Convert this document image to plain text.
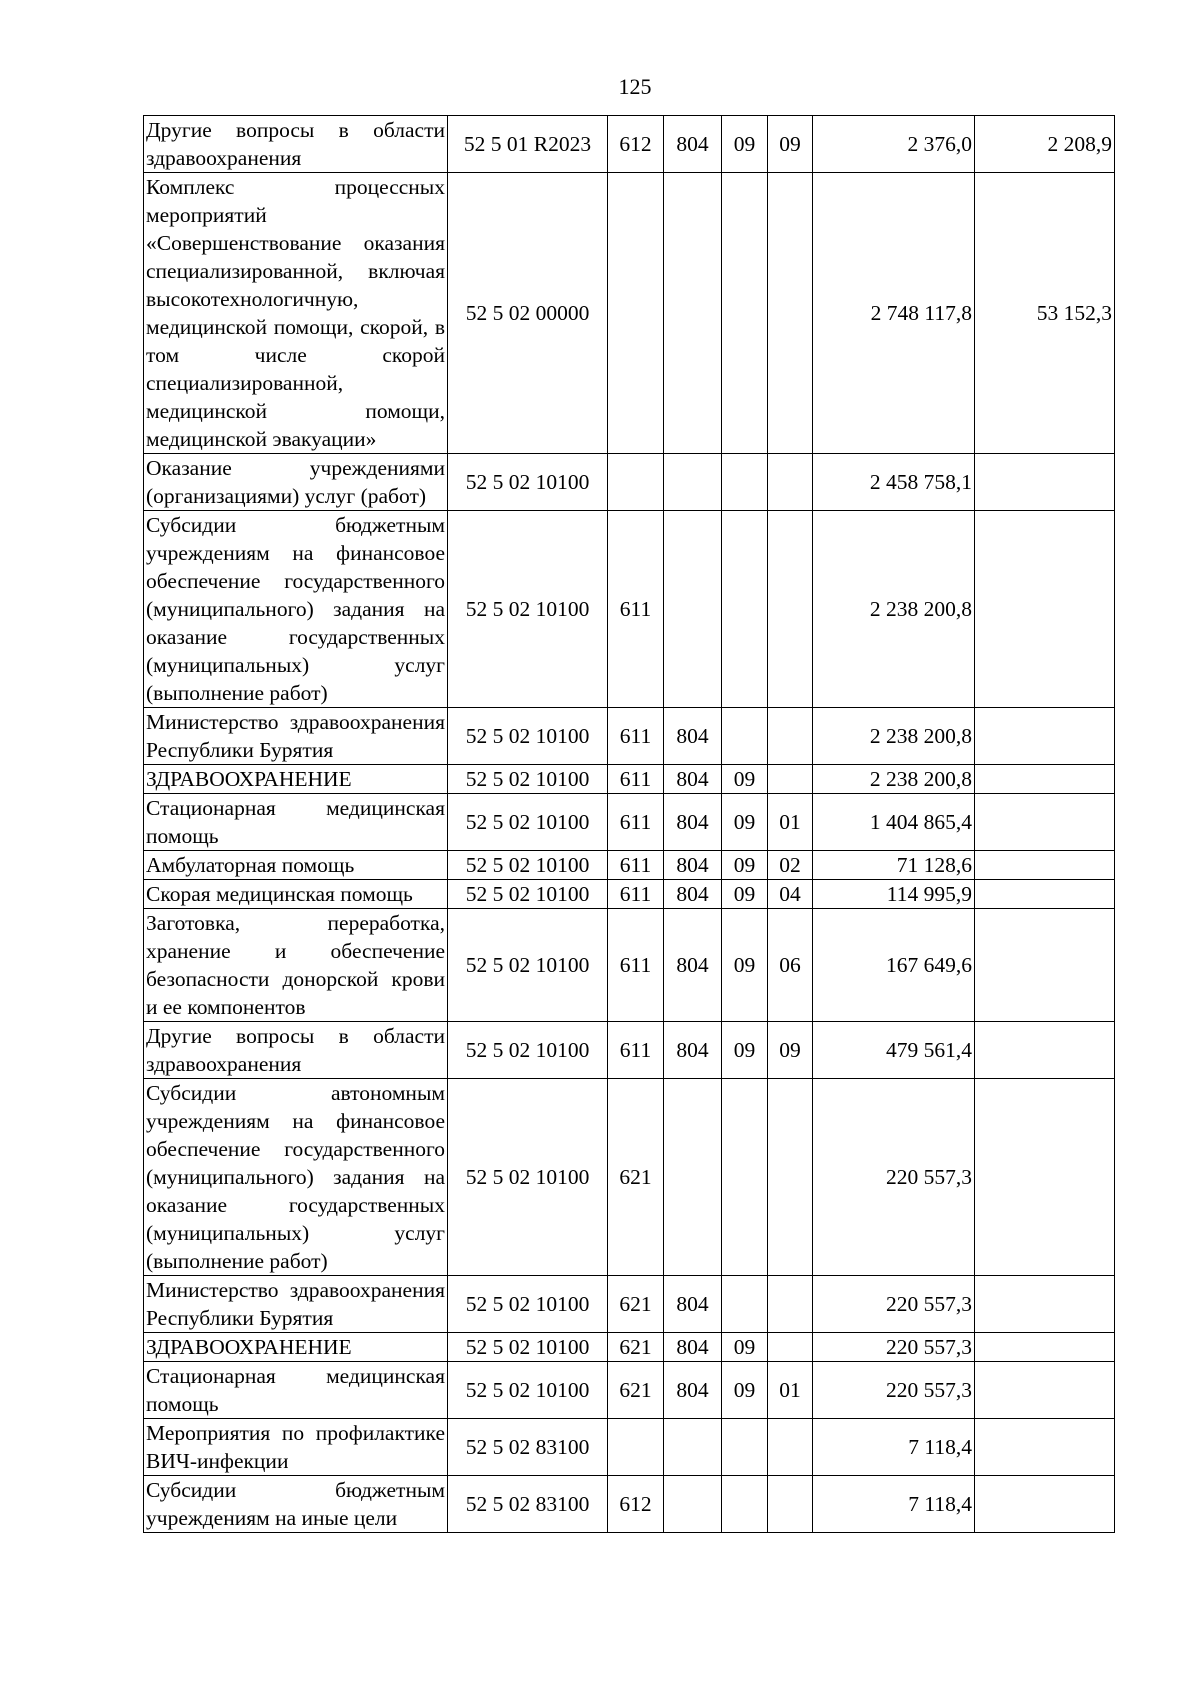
125
Другие вопросы в области здравоохранения	52 5 01 R2023	612	804	09	09	2 376,0	2 208,9
Комплекс процессных мероприятий «Совершенствование оказания специализированной, включая высокотехнологичную, медицинской помощи, скорой, в том числе скорой специализированной, медицинской помощи, медицинской эвакуации»	52 5 02 00000					2 748 117,8	53 152,3
Оказание учреждениями (организациями) услуг (работ)	52 5 02 10100					2 458 758,1	
Субсидии бюджетным учреждениям на финансовое обеспечение государственного (муниципального) задания на оказание государственных (муниципальных) услуг (выполнение работ)	52 5 02 10100	611				2 238 200,8	
Министерство здравоохранения Республики Бурятия	52 5 02 10100	611	804			2 238 200,8	
ЗДРАВООХРАНЕНИЕ	52 5 02 10100	611	804	09		2 238 200,8	
Стационарная медицинская помощь	52 5 02 10100	611	804	09	01	1 404 865,4	
Амбулаторная помощь	52 5 02 10100	611	804	09	02	71 128,6	
Скорая медицинская помощь	52 5 02 10100	611	804	09	04	114 995,9	
Заготовка, переработка, хранение и обеспечение безопасности донорской крови и ее компонентов	52 5 02 10100	611	804	09	06	167 649,6	
Другие вопросы в области здравоохранения	52 5 02 10100	611	804	09	09	479 561,4	
Субсидии автономным учреждениям на финансовое обеспечение государственного (муниципального) задания на оказание государственных (муниципальных) услуг (выполнение работ)	52 5 02 10100	621				220 557,3	
Министерство здравоохранения Республики Бурятия	52 5 02 10100	621	804			220 557,3	
ЗДРАВООХРАНЕНИЕ	52 5 02 10100	621	804	09		220 557,3	
Стационарная медицинская помощь	52 5 02 10100	621	804	09	01	220 557,3	
Мероприятия по профилактике ВИЧ-инфекции	52 5 02 83100					7 118,4	
Субсидии бюджетным учреждениям на иные цели	52 5 02 83100	612				7 118,4	
